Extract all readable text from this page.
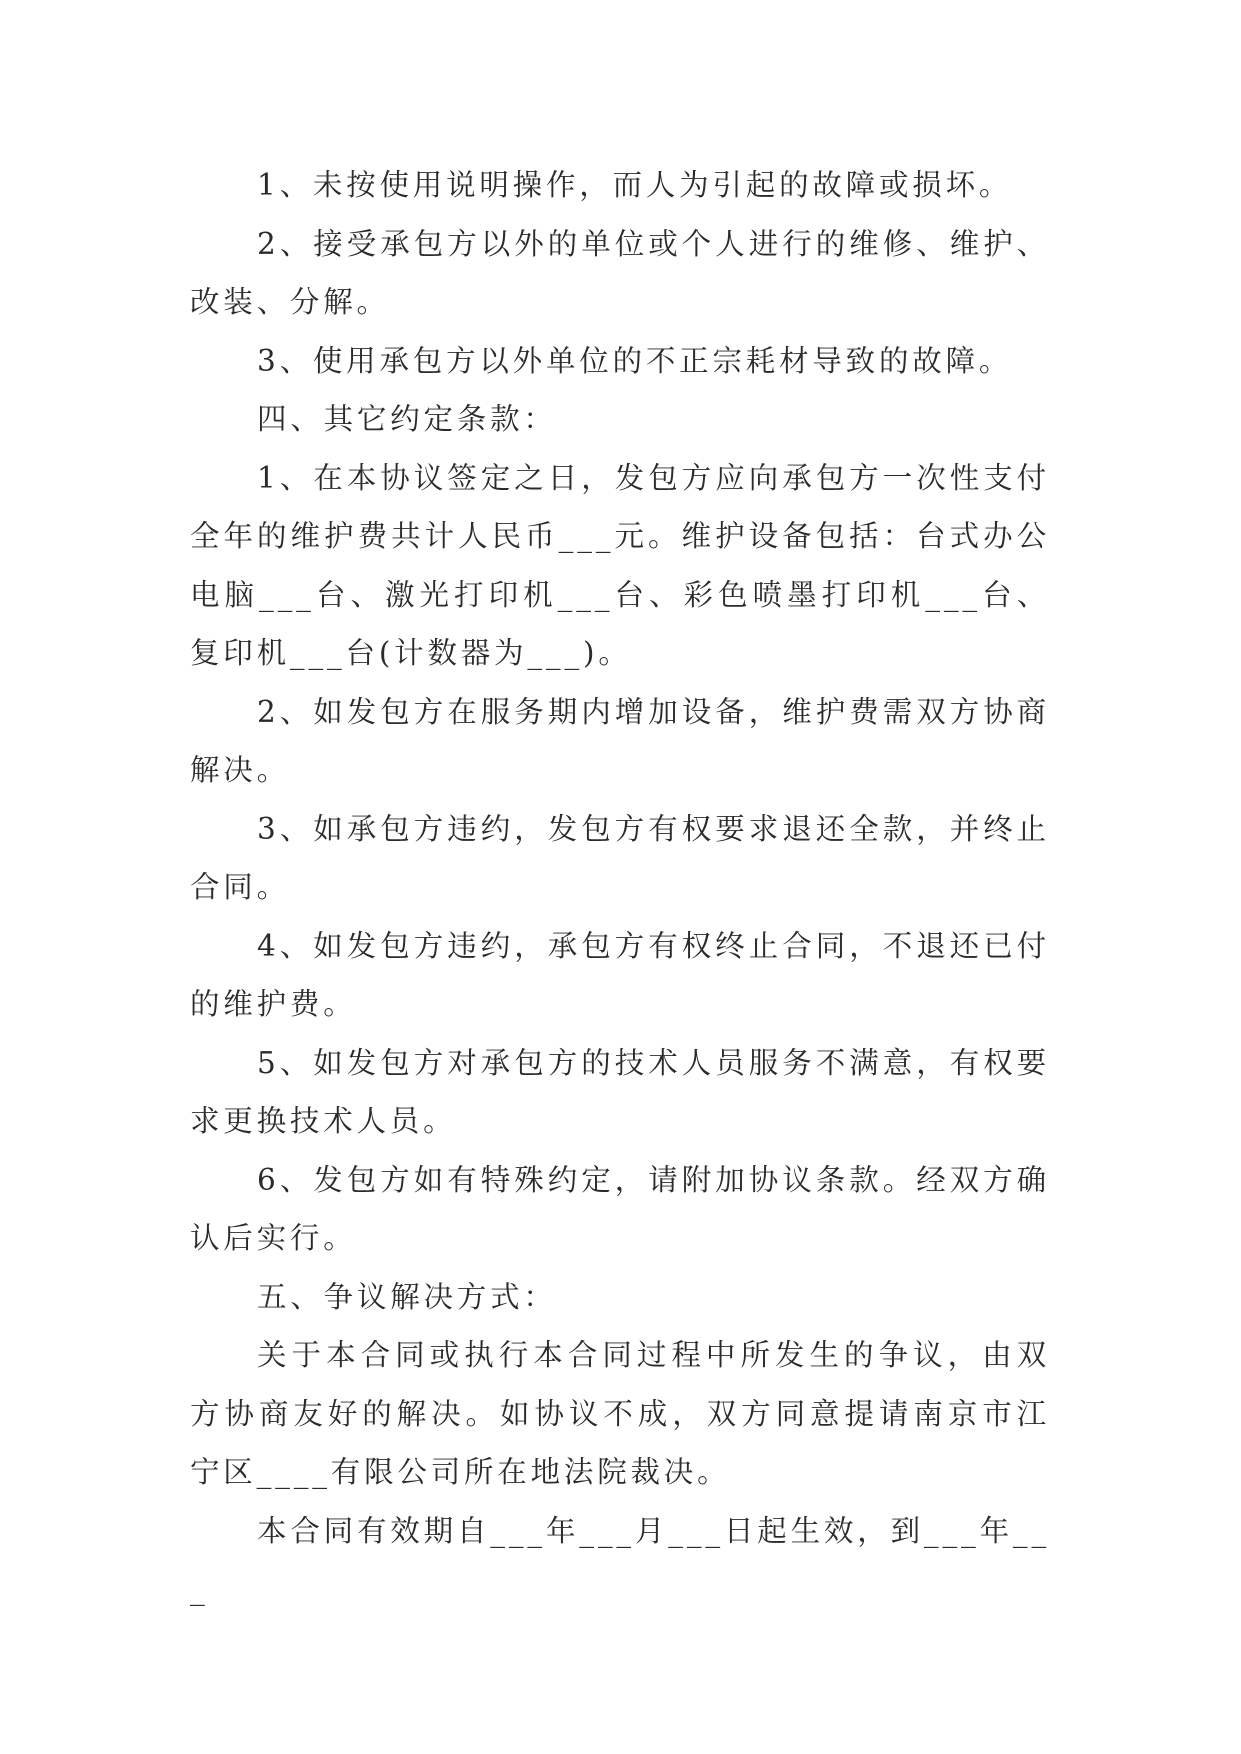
1、未按使用说明操作，而人为引起的故障或损坏。

2、接受承包方以外的单位或个人进行的维修、维护、改装、分解。

3、使用承包方以外单位的不正宗耗材导致的故障。

四、其它约定条款：

1、在本协议签定之日，发包方应向承包方一次性支付全年的维护费共计人民币___元。维护设备包括：台式办公电脑___台、激光打印机___台、彩色喷墨打印机___台、复印机___台(计数器为___)。

2、如发包方在服务期内增加设备，维护费需双方协商解决。

3、如承包方违约，发包方有权要求退还全款，并终止合同。

4、如发包方违约，承包方有权终止合同，不退还已付的维护费。

5、如发包方对承包方的技术人员服务不满意，有权要求更换技术人员。

6、发包方如有特殊约定，请附加协议条款。经双方确认后实行。

五、争议解决方式：

关于本合同或执行本合同过程中所发生的争议，由双方协商友好的解决。如协议不成，双方同意提请南京市江宁区____有限公司所在地法院裁决。

本合同有效期自___年___月___日起生效，到___年___
